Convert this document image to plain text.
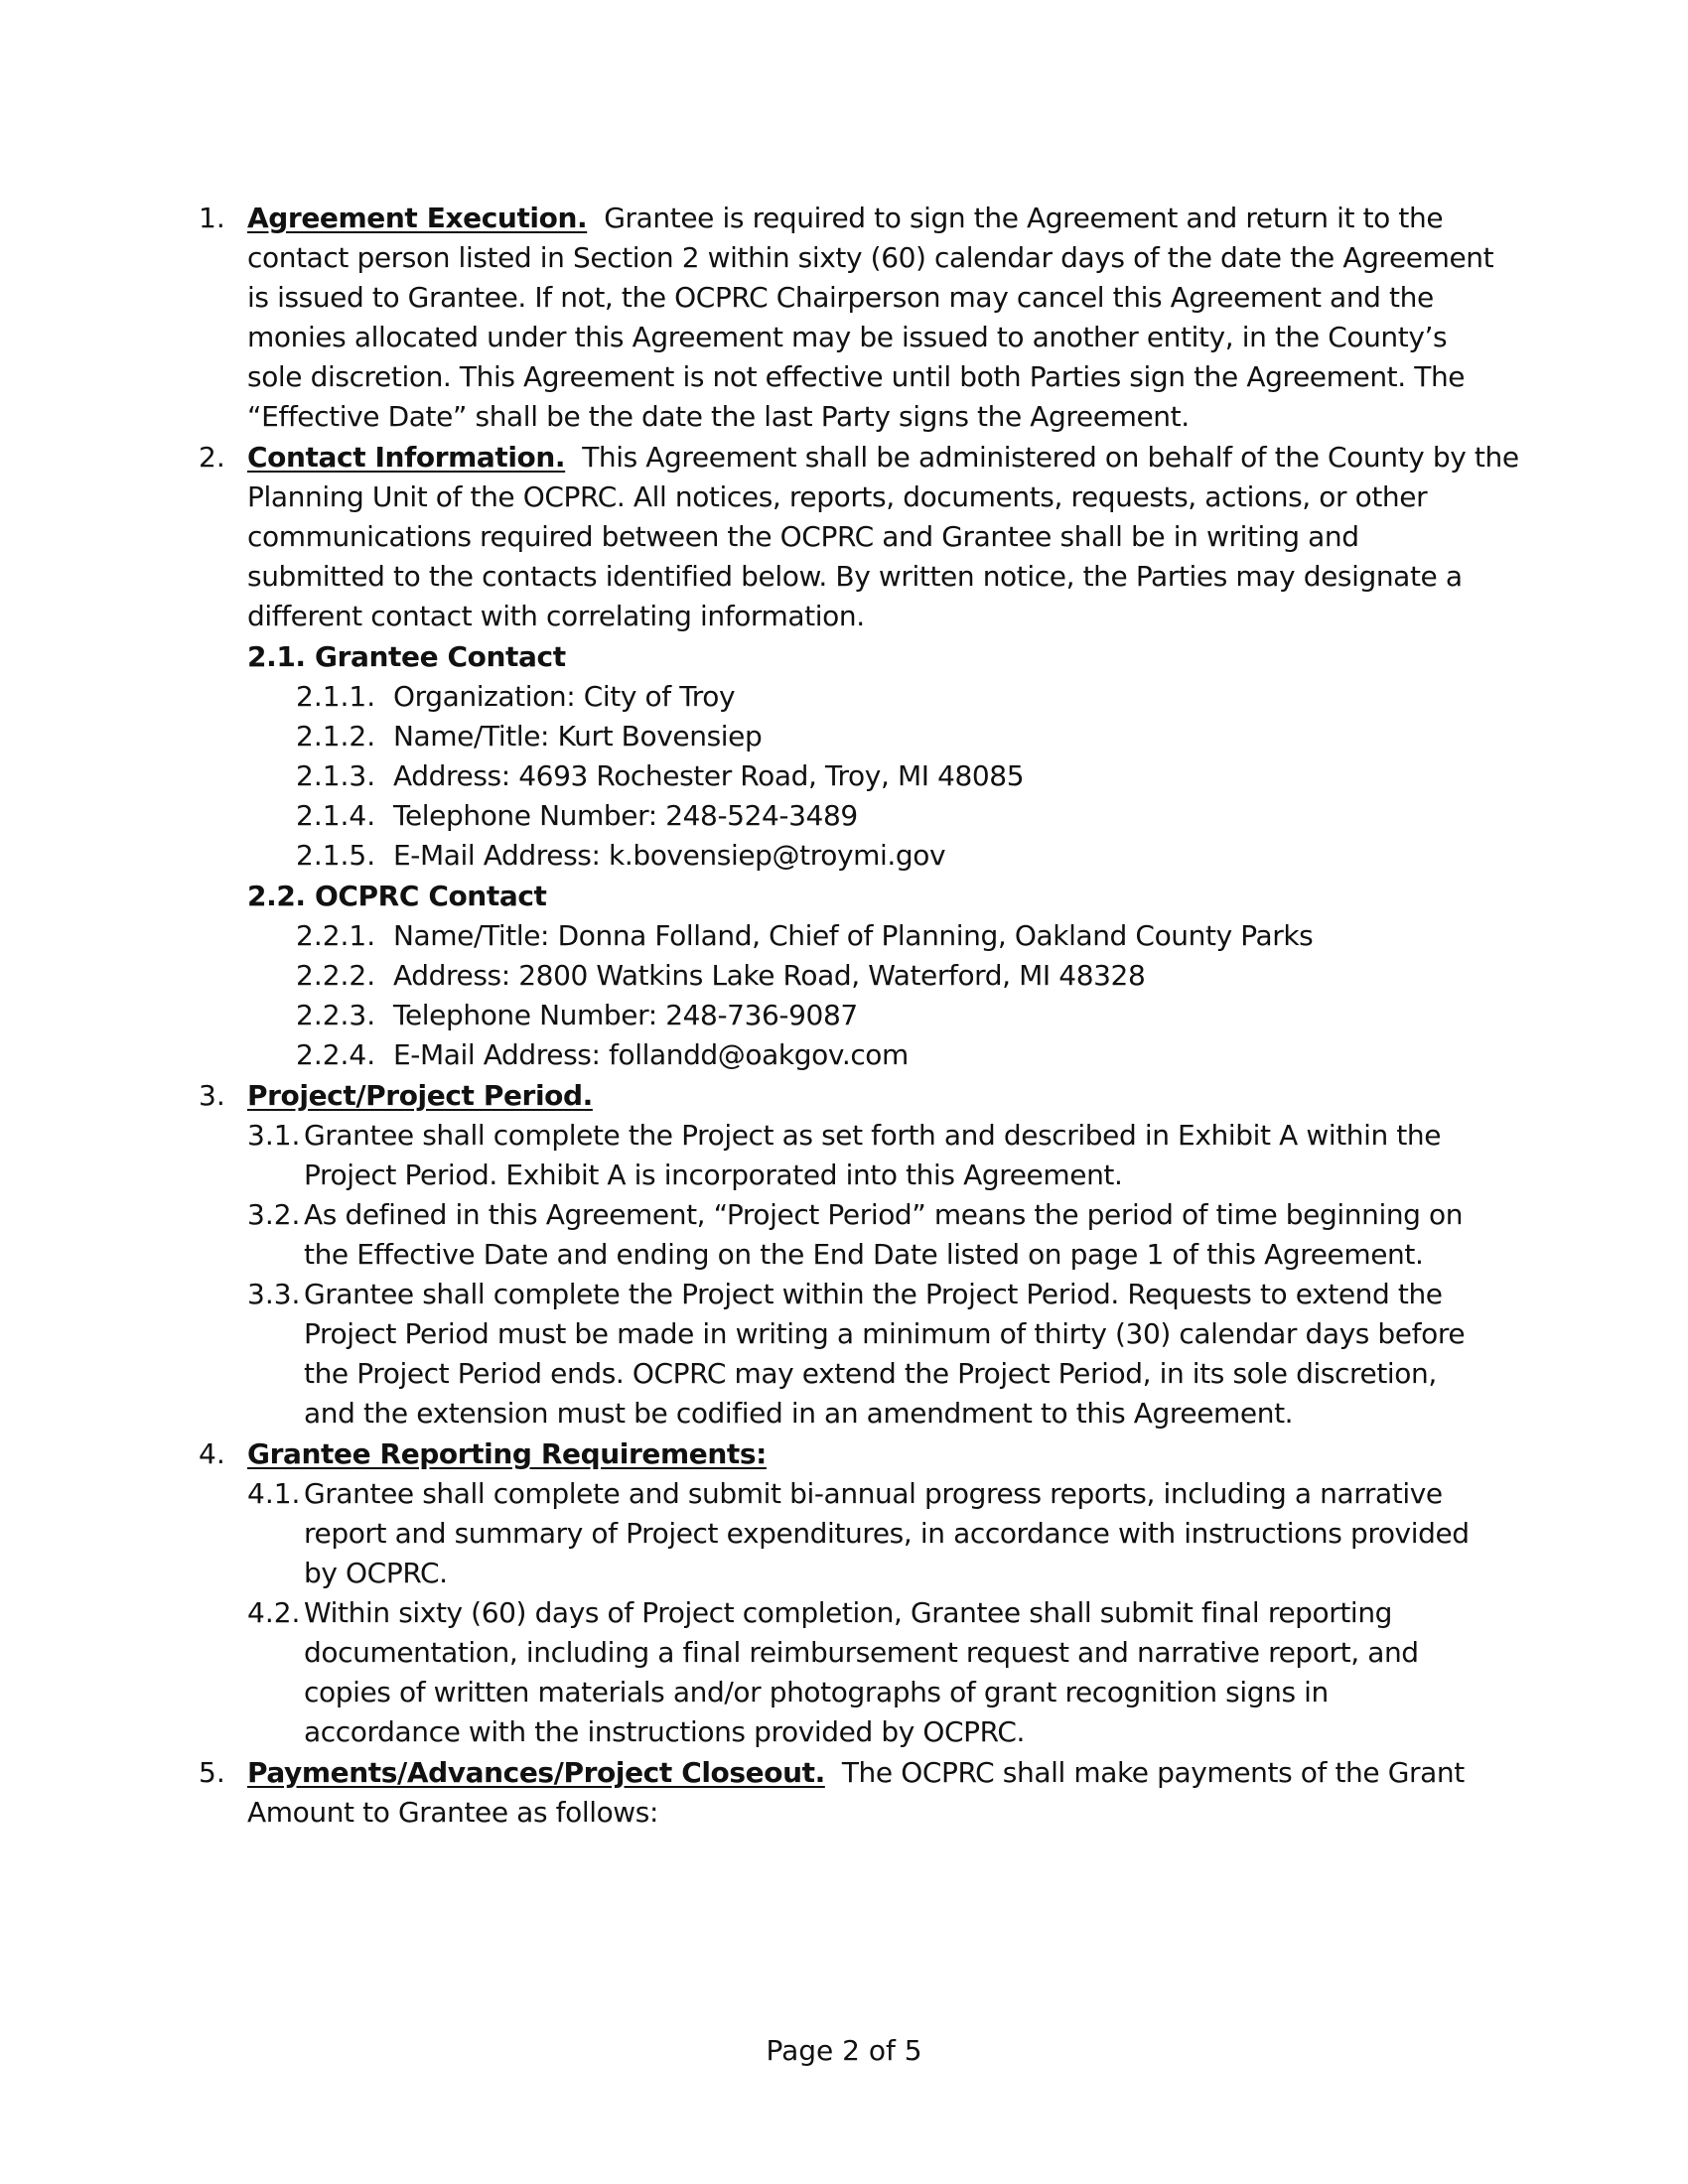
1. Agreement Execution. Grantee is required to sign the Agreement and return it to the
contact person listed in Section 2 within sixty (60) calendar days of the date the Agreement
is issued to Grantee. If not, the OCPRC Chairperson may cancel this Agreement and the
monies allocated under this Agreement may be issued to another entity, in the County’s
sole discretion. This Agreement is not effective until both Parties sign the Agreement. The
“Effective Date” shall be the date the last Party signs the Agreement.
2. Contact Information. This Agreement shall be administered on behalf of the County by the
Planning Unit of the OCPRC. All notices, reports, documents, requests, actions, or other
communications required between the OCPRC and Grantee shall be in writing and
submitted to the contacts identified below. By written notice, the Parties may designate a
different contact with correlating information.
2.1. Grantee Contact
2.1.1. Organization: City of Troy
2.1.2. Name/Title: Kurt Bovensiep
2.1.3. Address: 4693 Rochester Road, Troy, MI 48085
2.1.4. Telephone Number: 248-524-3489
2.1.5. E-Mail Address: k.bovensiep@troymi.gov
2.2. OCPRC Contact
2.2.1. Name/Title: Donna Folland, Chief of Planning, Oakland County Parks
2.2.2. Address: 2800 Watkins Lake Road, Waterford, MI 48328
2.2.3. Telephone Number: 248-736-9087
2.2.4. E-Mail Address: follandd@oakgov.com
3. Project/Project Period.
3.1. Grantee shall complete the Project as set forth and described in Exhibit A within the
Project Period. Exhibit A is incorporated into this Agreement.
3.2. As defined in this Agreement, “Project Period” means the period of time beginning on
the Effective Date and ending on the End Date listed on page 1 of this Agreement.
3.3. Grantee shall complete the Project within the Project Period. Requests to extend the
Project Period must be made in writing a minimum of thirty (30) calendar days before
the Project Period ends. OCPRC may extend the Project Period, in its sole discretion,
and the extension must be codified in an amendment to this Agreement.
4. Grantee Reporting Requirements:
4.1. Grantee shall complete and submit bi-annual progress reports, including a narrative
report and summary of Project expenditures, in accordance with instructions provided
by OCPRC.
4.2. Within sixty (60) days of Project completion, Grantee shall submit final reporting
documentation, including a final reimbursement request and narrative report, and
copies of written materials and/or photographs of grant recognition signs in
accordance with the instructions provided by OCPRC.
5. Payments/Advances/Project Closeout. The OCPRC shall make payments of the Grant
Amount to Grantee as follows:
Page 2 of 5
